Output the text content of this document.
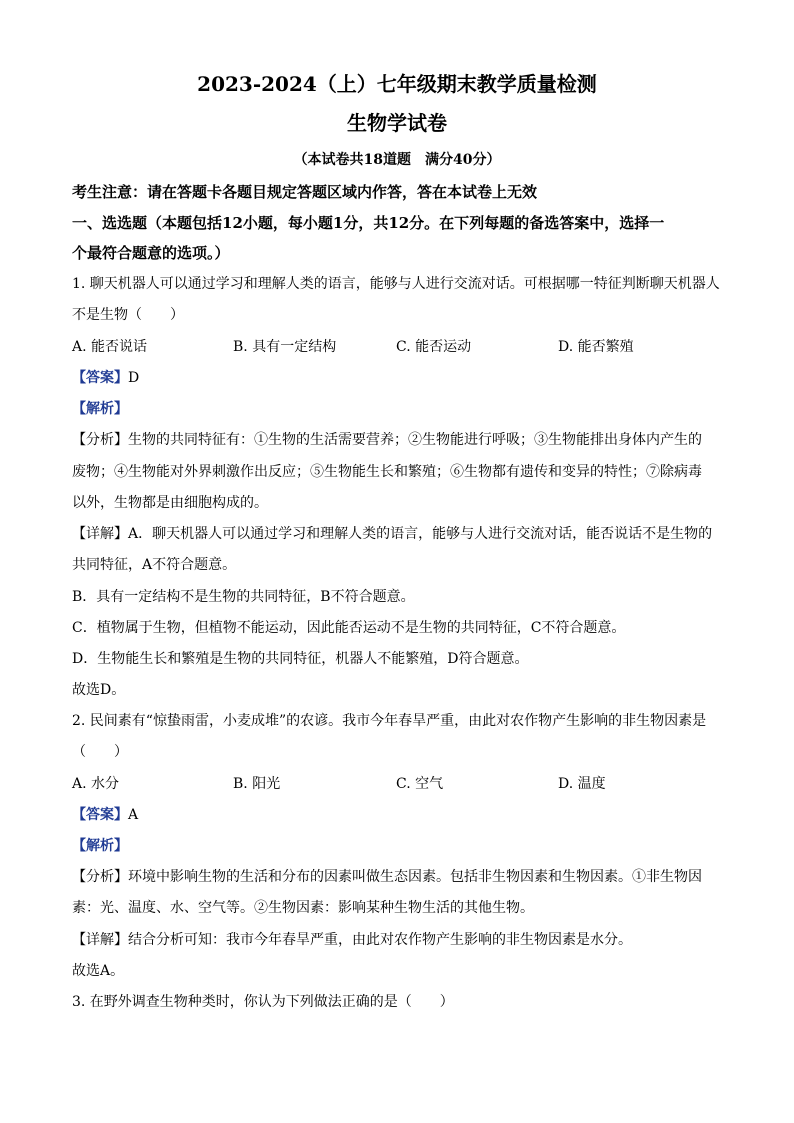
2023-2024（上）七年级期末教学质量检测
生物学试卷
（本试卷共18道题　满分40分）
考生注意：请在答题卡各题目规定答题区域内作答，答在本试卷上无效
一、选选题（本题包括12小题，每小题1分，共12分。在下列每题的备选答案中，选择一
个最符合题意的选项。）
1. 聊天机器人可以通过学习和理解人类的语言，能够与人进行交流对话。可根据哪一特征判断聊天机器人
不是生物（　　）
A. 能否说话	B. 具有一定结构	C. 能否运动	D. 能否繁殖
【答案】D
【解析】
【分析】生物的共同特征有：①生物的生活需要营养；②生物能进行呼吸；③生物能排出身体内产生的
废物；④生物能对外界刺激作出反应；⑤生物能生长和繁殖；⑥生物都有遗传和变异的特性；⑦除病毒
以外，生物都是由细胞构成的。
【详解】A．聊天机器人可以通过学习和理解人类的语言，能够与人进行交流对话，能否说话不是生物的
共同特征，A不符合题意。
B．具有一定结构不是生物的共同特征，B不符合题意。
C．植物属于生物，但植物不能运动，因此能否运动不是生物的共同特征，C不符合题意。
D．生物能生长和繁殖是生物的共同特征，机器人不能繁殖，D符合题意。
故选D。
2. 民间素有“惊蛰雨雷，小麦成堆”的农谚。我市今年春旱严重，由此对农作物产生影响的非生物因素是
（　　）
A. 水分	B. 阳光	C. 空气	D. 温度
【答案】A
【解析】
【分析】环境中影响生物的生活和分布的因素叫做生态因素。包括非生物因素和生物因素。①非生物因
素：光、温度、水、空气等。②生物因素：影响某种生物生活的其他生物。
【详解】结合分析可知：我市今年春旱严重，由此对农作物产生影响的非生物因素是水分。
故选A。
3. 在野外调查生物种类时，你认为下列做法正确的是（　　）
